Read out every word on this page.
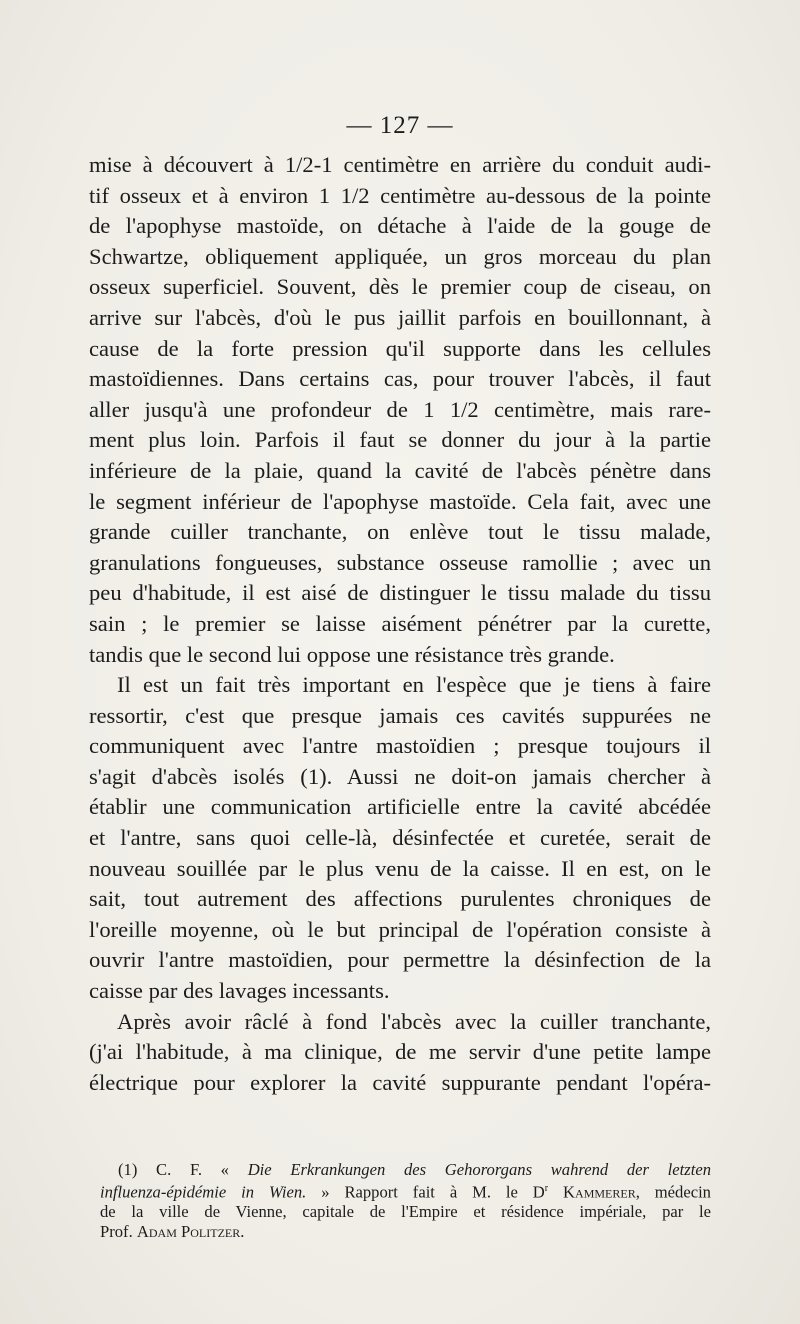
— 127 —
mise à découvert à 1/2-1 centimètre en arrière du conduit audi-
tif osseux et à environ 1 1/2 centimètre au-dessous de la pointe
de l'apophyse mastoïde, on détache à l'aide de la gouge de
Schwartze, obliquement appliquée, un gros morceau du plan
osseux superficiel. Souvent, dès le premier coup de ciseau, on
arrive sur l'abcès, d'où le pus jaillit parfois en bouillonnant, à
cause de la forte pression qu'il supporte dans les cellules
mastoïdiennes. Dans certains cas, pour trouver l'abcès, il faut
aller jusqu'à une profondeur de 1 1/2 centimètre, mais rare-
ment plus loin. Parfois il faut se donner du jour à la partie
inférieure de la plaie, quand la cavité de l'abcès pénètre dans
le segment inférieur de l'apophyse mastoïde. Cela fait, avec une
grande cuiller tranchante, on enlève tout le tissu malade,
granulations fongueuses, substance osseuse ramollie ; avec un
peu d'habitude, il est aisé de distinguer le tissu malade du tissu
sain ; le premier se laisse aisément pénétrer par la curette,
tandis que le second lui oppose une résistance très grande.
Il est un fait très important en l'espèce que je tiens à faire
ressortir, c'est que presque jamais ces cavités suppurées ne
communiquent avec l'antre mastoïdien ; presque toujours il
s'agit d'abcès isolés (1). Aussi ne doit-on jamais chercher à
établir une communication artificielle entre la cavité abcédée
et l'antre, sans quoi celle-là, désinfectée et curetée, serait de
nouveau souillée par le plus venu de la caisse. Il en est, on le
sait, tout autrement des affections purulentes chroniques de
l'oreille moyenne, où le but principal de l'opération consiste à
ouvrir l'antre mastoïdien, pour permettre la désinfection de la
caisse par des lavages incessants.
Après avoir râclé à fond l'abcès avec la cuiller tranchante,
(j'ai l'habitude, à ma clinique, de me servir d'une petite lampe
électrique pour explorer la cavité suppurante pendant l'opéra-
(1) C. F. « Die Erkrankungen des Gehororgans wahrend der letzten
influenza-épidémie in Wien. » Rapport fait à M. le $D^r$ Kammerer, médecin
de la ville de Vienne, capitale de l'Empire et résidence impériale, par le
Prof. Adam Politzer.
